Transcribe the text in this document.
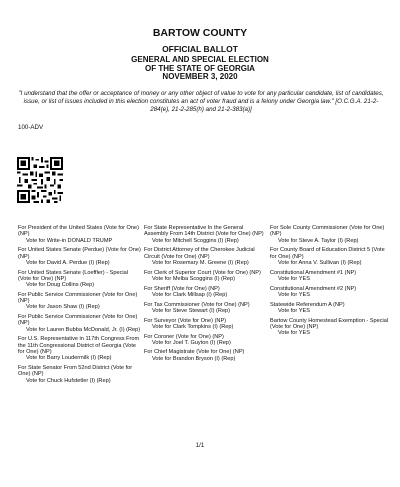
BARTOW COUNTY
OFFICIAL BALLOT
GENERAL AND SPECIAL ELECTION
OF THE STATE OF GEORGIA
NOVEMBER 3, 2020
"I understand that the offer or acceptance of money or any other object of value to vote for any particular candidate, list of candidates, issue, or list of issues included in this election constitutes an act of voter fraud and is a felony under Georgia law." [O.C.G.A. 21-2-284(e), 21-2-285(h) and 21-2-383(a)]
100-ADV
For President of the United States (Vote for One) (NP)
Vote for Write-in DONALD TRUMP
For United States Senate (Perdue) (Vote for One) (NP)
Vote for David A. Perdue (I) (Rep)
For United States Senate (Loeffler) - Special (Vote for One) (NP)
Vote for Doug Collins (Rep)
For Public Service Commissioner (Vote for One) (NP)
Vote for Jason Shaw (I) (Rep)
For Public Service Commissioner (Vote for One) (NP)
Vote for Lauren Bubba McDonald, Jr. (I) (Rep)
For U.S. Representative in 117th Congress From the 11th Congressional District of Georgia (Vote for One) (NP)
Vote for Barry Loudermilk (I) (Rep)
For State Senator From 52nd District (Vote for One) (NP)
Vote for Chuck Hufstetler (I) (Rep)
For State Representative In the General Assembly From 14th District (Vote for One) (NP)
Vote for Mitchell Scoggins (I) (Rep)
For District Attorney of the Cherokee Judicial Circuit (Vote for One) (NP)
Vote for Rosemary M. Greene (I) (Rep)
For Clerk of Superior Court (Vote for One) (NP)
Vote for Melba Scoggins (I) (Rep)
For Sheriff (Vote for One) (NP)
Vote for Clark Millsap (I) (Rep)
For Tax Commissioner (Vote for One) (NP)
Vote for Steve Stewart (I) (Rep)
For Surveyor (Vote for One) (NP)
Vote for Clark Tompkins (I) (Rep)
For Coroner (Vote for One) (NP)
Vote for Joel T. Guyton (I) (Rep)
For Chief Magistrate (Vote for One) (NP)
Vote for Brandon Bryson (I) (Rep)
For Sole County Commissioner (Vote for One) (NP)
Vote for Steve A. Taylor (I) (Rep)
For County Board of Education District 5 (Vote for One) (NP)
Vote for Anna V. Sullivan (I) (Rep)
Constitutional Amendment #1 (NP)
Vote for YES
Constitutional Amendment #2 (NP)
Vote for YES
Statewide Referendum A (NP)
Vote for YES
Bartow County Homestead Exemption - Special (Vote for One) (NP)
Vote for YES
1/1
